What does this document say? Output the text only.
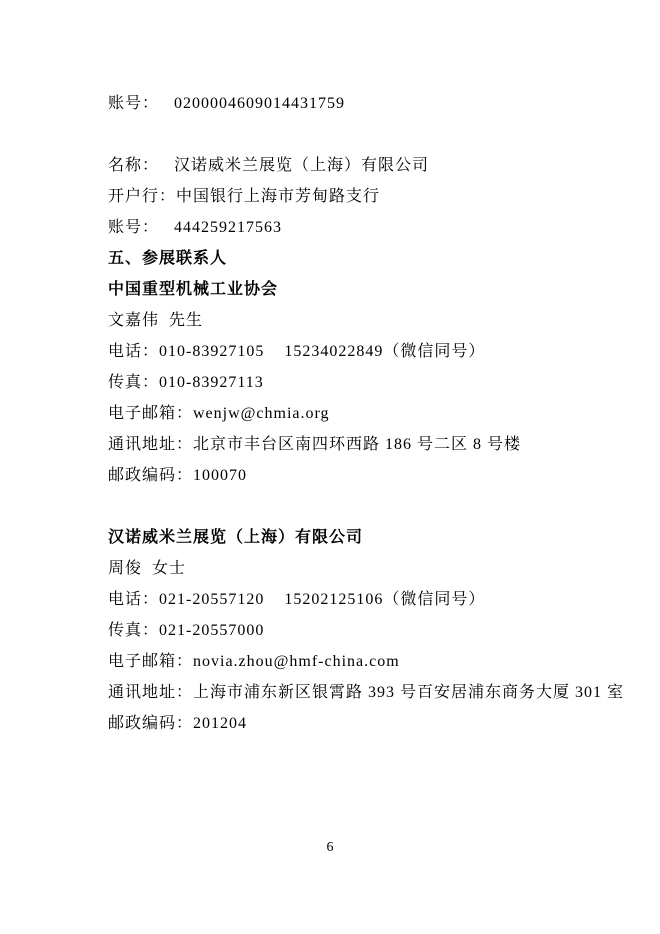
账号：   0200004609014431759

名称：   汉诺威米兰展览（上海）有限公司

开户行：中国银行上海市芳甸路支行

账号：   444259217563

五、参展联系人

中国重型机械工业协会

文嘉伟  先生

电话：010-83927105    15234022849（微信同号）

传真：010-83927113

电子邮箱：wenjw@chmia.org

通讯地址：北京市丰台区南四环西路 186 号二区 8 号楼

邮政编码：100070

汉诺威米兰展览（上海）有限公司

周俊  女士

电话：021-20557120    15202125106（微信同号）

传真：021-20557000

电子邮箱：novia.zhou@hmf-china.com

通讯地址：上海市浦东新区银霄路 393 号百安居浦东商务大厦 301 室

邮政编码：201204

6
